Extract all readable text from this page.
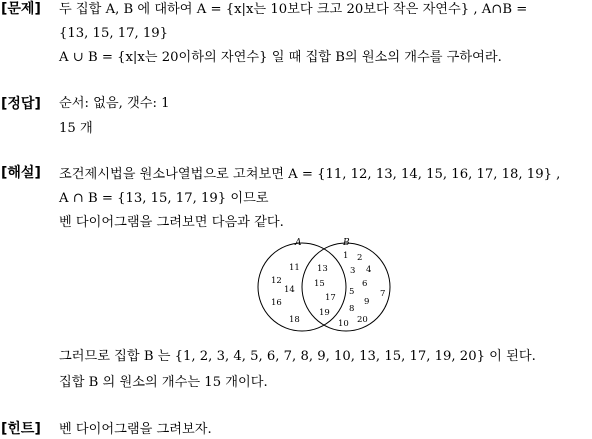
[문제] 두 집합 A, B 에 대하여 A = {x|x는 10보다 크고 20보다 작은 자연수} , A∩B =
{13, 15, 17, 19}
A ∪ B = {x|x는 20이하의 자연수} 일 때 집합 B의 원소의 개수를 구하여라.
[정답] 순서: 없음, 갯수: 1
15 개
[해설] 조건제시법을 원소나열법으로 고쳐보면 A = {11, 12, 13, 14, 15, 16, 17, 18, 19} ,
A ∩ B = {13, 15, 17, 19} 이므로
벤 다이어그램을 그려보면 다음과 같다.
A	B
11
12
14
16
18
13
15
17
19
1 2
3 4
5
6
7
8
9
10 20
그러므로 집합 B 는 {1, 2, 3, 4, 5, 6, 7, 8, 9, 10, 13, 15, 17, 19, 20} 이 된다.
집합 B 의 원소의 개수는 15 개이다.
[힌트] 벤 다이어그램을 그려보자.
